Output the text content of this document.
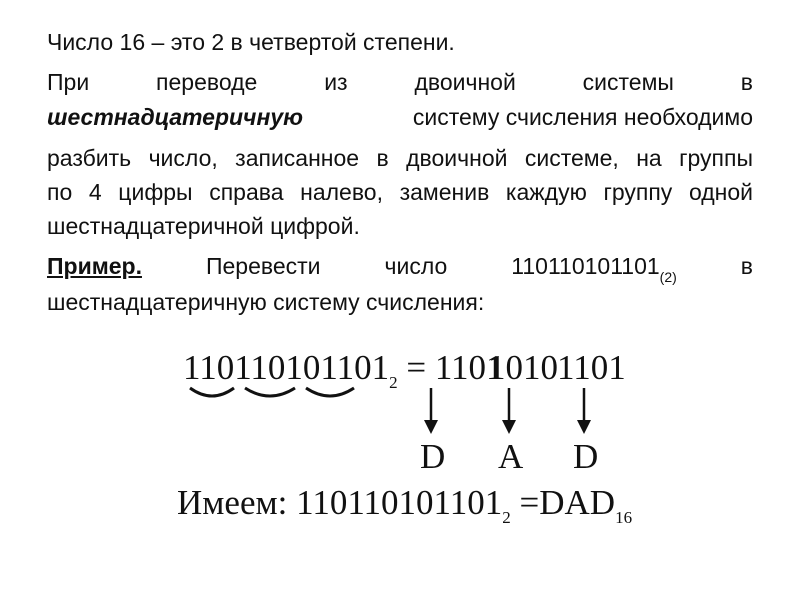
Число 16 – это 2 в четвертой степени.

При	переводе	из	двоичной	системы	в

шестнадцатеричную	систему счисления необходимо

разбить число, записанное в двоичной системе, на группы

по 4 цифры справа налево, заменив каждую группу одной

шестнадцатеричной цифрой.

Пример.	Перевести	число	$110110101101_{(2)}$	в

шестнадцатеричную систему счисления:

$110110101101_2 = 1101$
1010 1101
D A D
Имеем: $110110101101_2 =DAD_{16}$
